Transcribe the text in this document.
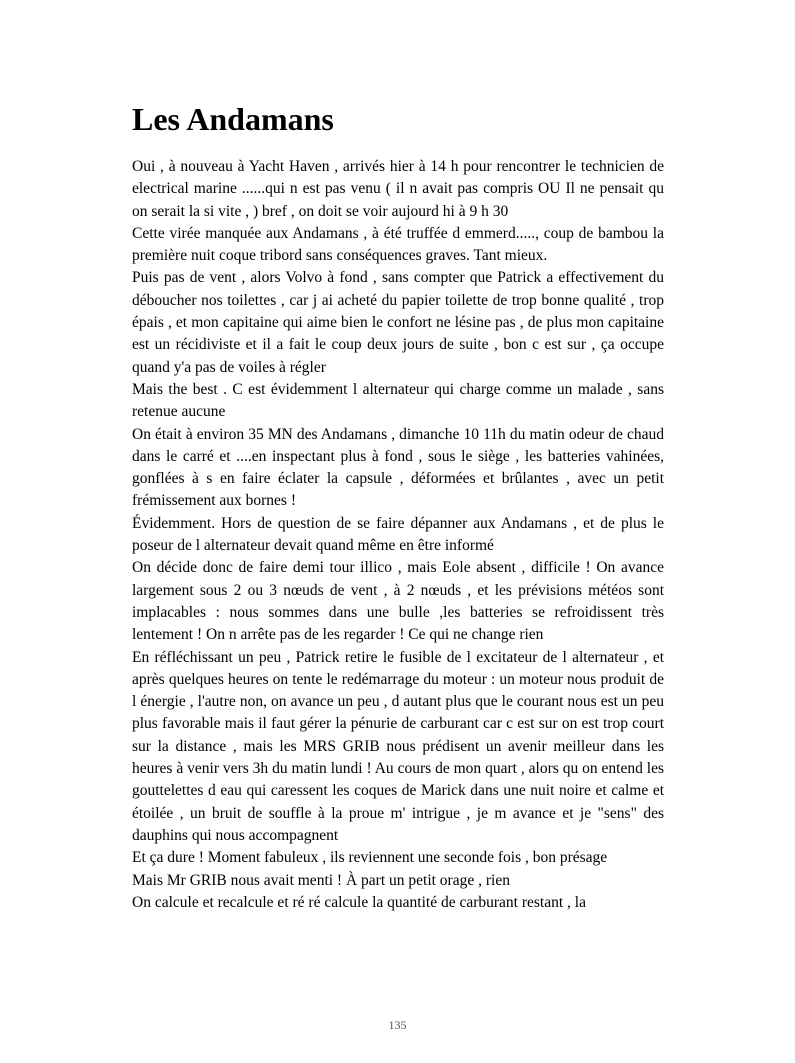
Les Andamans

Oui , à nouveau à Yacht Haven , arrivés hier à 14 h pour rencontrer le technicien de electrical marine ......qui n est pas venu ( il n avait pas compris OU Il ne pensait qu on serait la si vite , ) bref , on doit se voir aujourd hi à 9 h 30

Cette virée manquée aux Andamans , à été truffée d emmerd....., coup de bambou la première nuit coque tribord sans conséquences graves. Tant mieux.

Puis pas de vent , alors Volvo à fond , sans compter que Patrick a effectivement du déboucher nos toilettes , car j ai acheté du papier toilette de trop bonne qualité , trop épais , et mon capitaine qui aime bien le confort ne lésine pas , de plus mon capitaine est un récidiviste et il a fait le coup deux jours de suite , bon c est sur , ça occupe quand y'a pas de voiles à régler

Mais the best . C est évidemment l alternateur qui charge comme un malade , sans retenue aucune

On était à environ 35 MN des Andamans , dimanche 10 11h du matin odeur de chaud dans le carré et ....en inspectant plus à fond , sous le siège , les batteries vahinées, gonflées à s en faire éclater la capsule , déformées et brûlantes , avec un petit frémissement aux bornes !

Évidemment. Hors de question de se faire dépanner aux Andamans , et de plus le poseur de l alternateur devait quand même en être informé

On décide donc de faire demi tour illico , mais Eole absent , difficile ! On avance largement sous 2 ou 3 nœuds de vent , à 2 nœuds , et les prévisions météos sont implacables : nous sommes dans une bulle ,les batteries se refroidissent très lentement ! On n arrête pas de les regarder ! Ce qui ne change rien

En réfléchissant un peu , Patrick retire le fusible de l excitateur de l alternateur , et après quelques heures on tente le redémarrage du moteur : un moteur nous produit de l énergie , l'autre non, on avance un peu , d autant plus que le courant nous est un peu plus favorable mais il faut gérer la pénurie de carburant car c est sur on est trop court sur la distance , mais les MRS GRIB nous prédisent un avenir meilleur dans les heures à venir vers 3h du matin lundi ! Au cours de mon quart , alors qu on entend les gouttelettes d eau qui caressent les coques de Marick dans une nuit noire et calme et étoilée , un bruit de souffle à la proue m' intrigue , je m avance et je "sens" des dauphins qui nous accompagnent

Et ça dure ! Moment fabuleux , ils reviennent une seconde fois , bon présage

Mais Mr GRIB nous avait menti ! À part un petit orage , rien

On calcule et recalcule et ré ré calcule la quantité de carburant restant , la

135
